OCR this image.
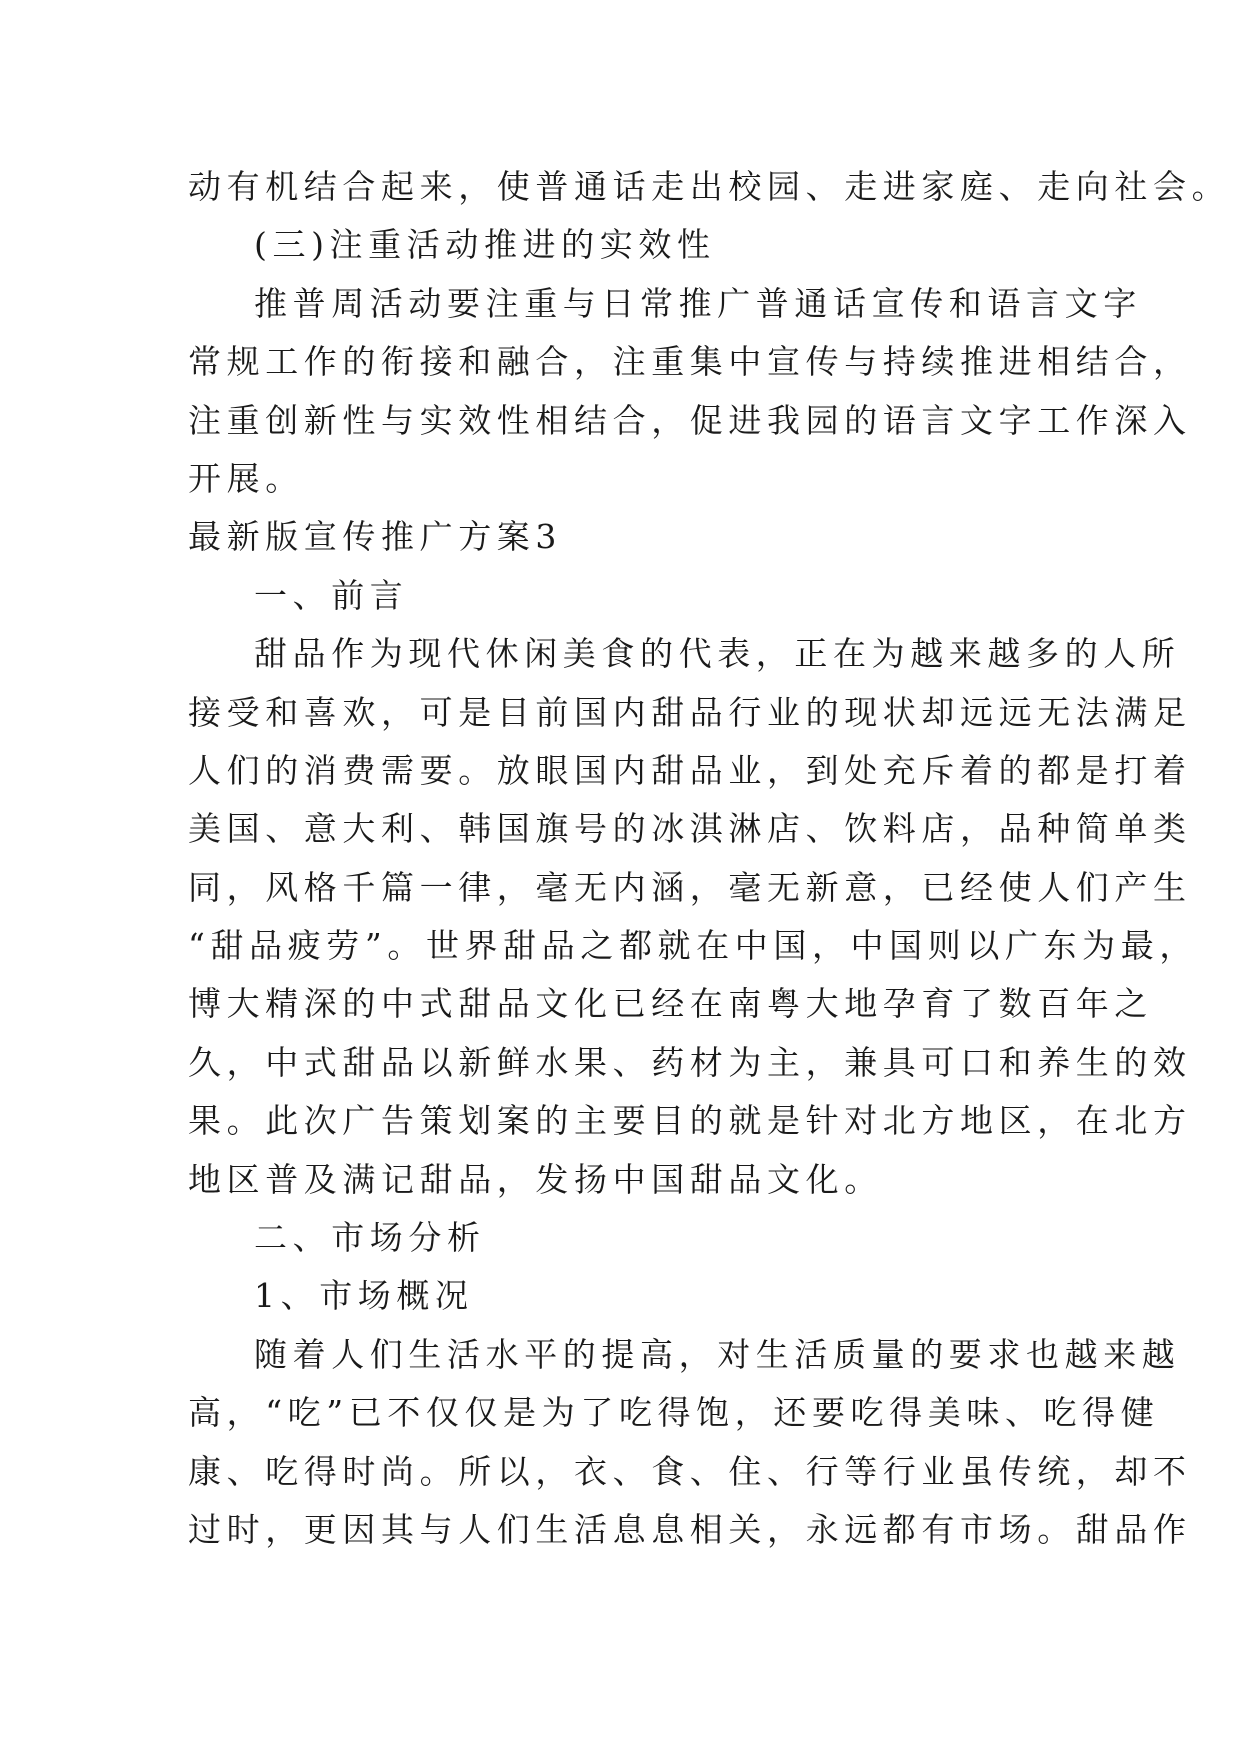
动有机结合起来，使普通话走出校园、走进家庭、走向社会。
(三)注重活动推进的实效性
推普周活动要注重与日常推广普通话宣传和语言文字
常规工作的衔接和融合，注重集中宣传与持续推进相结合，
注重创新性与实效性相结合，促进我园的语言文字工作深入
开展。
最新版宣传推广方案3
一、前言
甜品作为现代休闲美食的代表，正在为越来越多的人所
接受和喜欢，可是目前国内甜品行业的现状却远远无法满足
人们的消费需要。放眼国内甜品业，到处充斥着的都是打着
美国、意大利、韩国旗号的冰淇淋店、饮料店，品种简单类
同，风格千篇一律，毫无内涵，毫无新意，已经使人们产生
“甜品疲劳”。世界甜品之都就在中国，中国则以广东为最，
博大精深的中式甜品文化已经在南粤大地孕育了数百年之
久，中式甜品以新鲜水果、药材为主，兼具可口和养生的效
果。此次广告策划案的主要目的就是针对北方地区，在北方
地区普及满记甜品，发扬中国甜品文化。
二、市场分析
1、市场概况
随着人们生活水平的提高，对生活质量的要求也越来越
高，“吃”已不仅仅是为了吃得饱，还要吃得美味、吃得健
康、吃得时尚。所以，衣、食、住、行等行业虽传统，却不
过时，更因其与人们生活息息相关，永远都有市场。甜品作
